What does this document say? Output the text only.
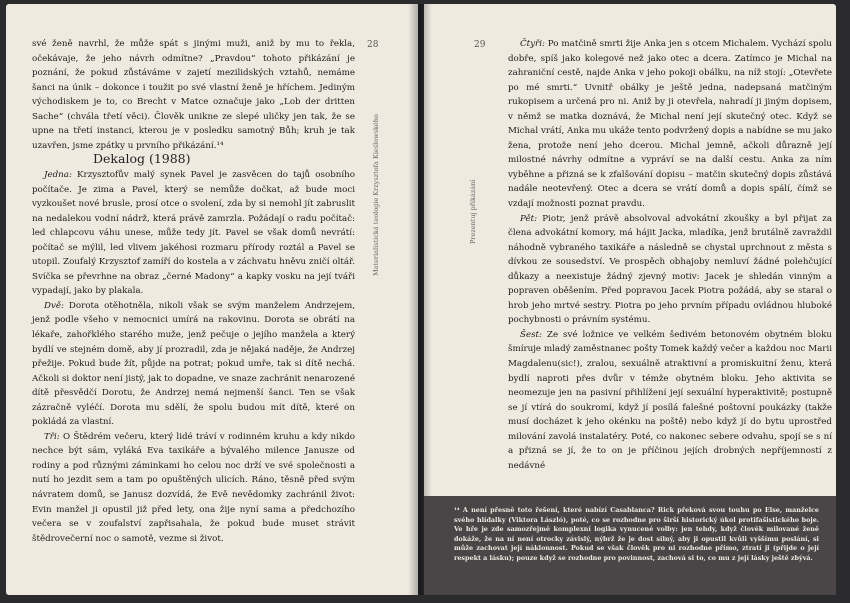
28
Materialistická teologie Krzysztofa Kieślowského

své ženě navrhl, že může spát s jinými muži, aniž by mu to řekla, očekávaje, že jeho návrh odmítne? „Pravdou“ tohoto přikázání je poznání, že pokud zůstáváme v zajetí mezilidských vztahů, nemáme šanci na únik – dokonce i toužit po své vlastní ženě je hříchem. Jediným východiskem je to, co Brecht v Matce označuje jako „Lob der dritten Sache“ (chvála třetí věci). Člověk unikne ze slepé uličky jen tak, že se upne na třetí instanci, kterou je v posledku samotný Bůh; kruh je tak uzavřen, jsme zpátky u prvního přikázání.¹⁴

Dekalog (1988)

Jedna: Krzysztofův malý synek Pavel je zasvěcen do tajů osobního počítače. Je zima a Pavel, který se nemůže dočkat, až bude moci vyzkoušet nové brusle, prosí otce o svolení, zda by si nemohl jít zabruslit na nedalekou vodní nádrž, která právě zamrzla. Požádají o radu počítač: led chlapcovu váhu unese, může tedy jít. Pavel se však domů nevrátí: počítač se mýlil, led vlivem jakéhosi rozmaru přírody roztál a Pavel se utopil. Zoufalý Krzysztof zamíří do kostela a v záchvatu hněvu zničí oltář. Svíčka se převrhne na obraz „černé Madony“ a kapky vosku na její tváři vypadají, jako by plakala.

Dvě: Dorota otěhotněla, nikoli však se svým manželem Andrzejem, jenž podle všeho v nemocnici umírá na rakovinu. Dorota se obrátí na lékaře, zahořklého starého muže, jenž pečuje o jejího manžela a který bydlí ve stejném domě, aby jí prozradil, zda je nějaká naděje, že Andrzej přežije. Pokud bude žít, půjde na potrat; pokud umře, tak si dítě nechá. Ačkoli si doktor není jistý, jak to dopadne, ve snaze zachránit nenarozené dítě přesvědčí Dorotu, že Andrzej nemá nejmenší šanci. Ten se však zázračně vyléčí. Dorota mu sdělí, že spolu budou mít dítě, které on pokládá za vlastní.

Tři: O Štědrém večeru, který lidé tráví v rodinném kruhu a kdy nikdo nechce být sám, vyláká Eva taxikáře a bývalého milence Janusze od rodiny a pod různými záminkami ho celou noc drží ve své společnosti a nutí ho jezdit sem a tam po opuštěných ulicích. Ráno, těsně před svým návratem domů, se Janusz dozvídá, že Evě nevědomky zachránil život: Evin manžel ji opustil již před lety, ona žije nyní sama a předchozího večera se v zoufalství zapřisahala, že pokud bude muset strávit štědrovečerní noc o samotě, vezme si život.

29
Prezentuj přikázání

Čtyři: Po matčině smrti žije Anka jen s otcem Michalem. Vychází spolu dobře, spíš jako kolegové než jako otec a dcera. Zatímco je Michal na zahraniční cestě, najde Anka v jeho pokoji obálku, na níž stojí: „Otevřete po mé smrti.“ Uvnitř obálky je ještě jedna, nadepsaná matčiným rukopisem a určená pro ni. Aniž by ji otevřela, nahradí ji jiným dopisem, v němž se matka doznává, že Michal není její skutečný otec. Když se Michal vrátí, Anka mu ukáže tento podvržený dopis a nabídne se mu jako žena, protože není jeho dcerou. Michal jemně, ačkoli důrazně její milostné návrhy odmítne a vypráví se na další cestu. Anka za ním vyběhne a přizná se k zfalšování dopisu – matčin skutečný dopis zůstává nadále neotevřený. Otec a dcera se vrátí domů a dopis spálí, čímž se vzdají možnosti poznat pravdu.

Pět: Piotr, jenž právě absolvoval advokátní zkoušky a byl přijat za člena advokátní komory, má hájit Jacka, mladíka, jenž brutálně zavraždil náhodně vybraného taxikáře a následně se chystal uprchnout z města s dívkou ze sousedství. Ve prospěch obhajoby nemluví žádné polehčující důkazy a neexistuje žádný zjevný motiv: Jacek je shledán vinným a popraven oběšením. Před popravou Jacek Piotra požádá, aby se staral o hrob jeho mrtvé sestry. Piotra po jeho prvním případu ovládnou hluboké pochybnosti o právním systému.

Šest: Ze své ložnice ve velkém šedivém betonovém obytném bloku šmíruje mladý zaměstnanec pošty Tomek každý večer a každou noc Marii Magdalenu(sic!), zralou, sexuálně atraktivní a promiskuitní ženu, která bydlí naproti přes dvůr v témže obytném bloku. Jeho aktivita se neomezuje jen na pasivní přihlížení její sexuální hyperaktivitě; postupně se jí vtírá do soukromí, když jí posílá falešné poštovní poukázky (takže musí docházet k jeho okénku na poště) nebo když jí do bytu uprostřed milování zavolá instalatéry. Poté, co nakonec sebere odvahu, spojí se s ní a přizná se jí, že to on je příčinou jejích drobných nepříjemností z nedávné

¹⁴ A není přesně toto řešení, které nabízí Casablanca? Rick překová svou touhu po Else, manželce svého hlídalky (Viktora László), poté, co se rozhodne pro širší historický úkol protifašistického boje. Ve hře je zde samozřejmě komplexní logika vynucené volby: jen tehdy, když člověk milované ženě dokáže, že na ní není otrocky závislý, nýbrž že je dost silný, aby ji opustil kvůli vyššímu poslání, si může zachovat její náklonnost. Pokud se však člověk pro ni rozhodne přímo, ztratí ji (přijde o její respekt a lásku); pouze když se rozhodne pro povinnost, zachová si to, co mu z její lásky ještě zbývá.
